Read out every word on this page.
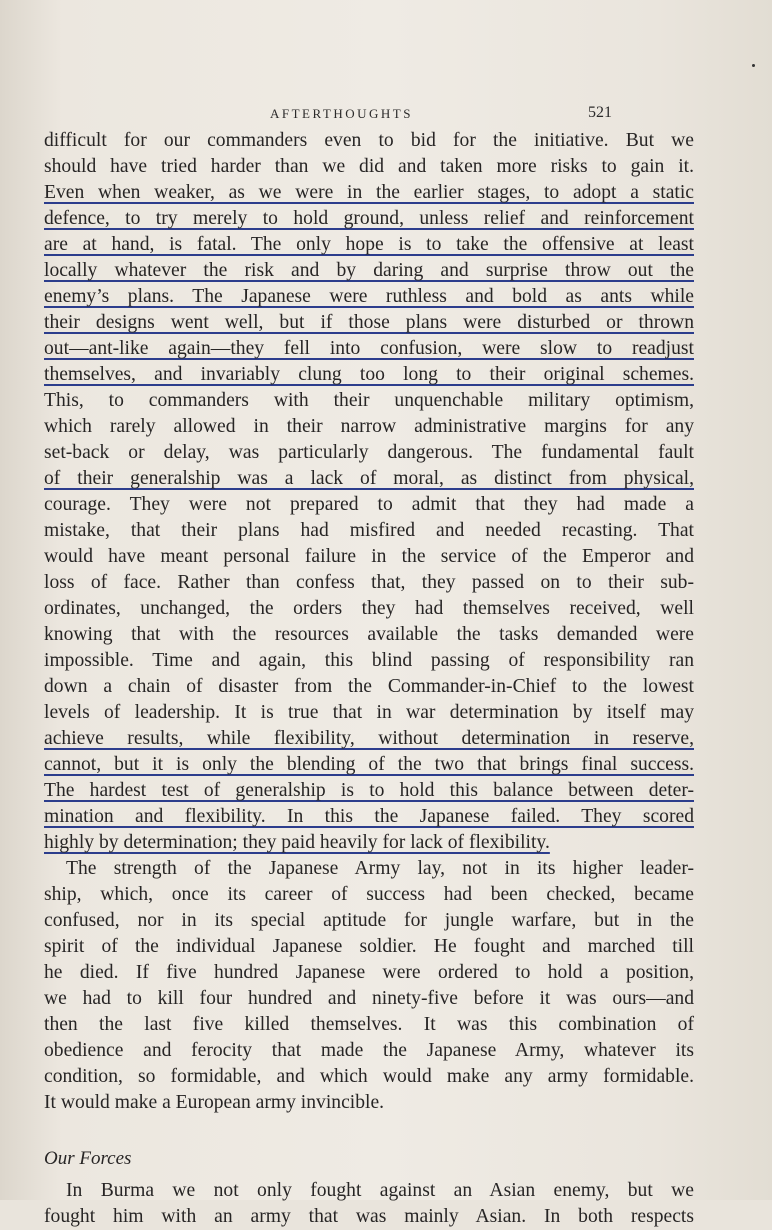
AFTERTHOUGHTS	521
difficult for our commanders even to bid for the initiative. But we
should have tried harder than we did and taken more risks to gain it.
Even when weaker, as we were in the earlier stages, to adopt a static
defence, to try merely to hold ground, unless relief and reinforcement
are at hand, is fatal. The only hope is to take the offensive at least
locally whatever the risk and by daring and surprise throw out the
enemy’s plans. The Japanese were ruthless and bold as ants while
their designs went well, but if those plans were disturbed or thrown
out—ant-like again—they fell into confusion, were slow to readjust
themselves, and invariably clung too long to their original schemes.
This, to commanders with their unquenchable military optimism,
which rarely allowed in their narrow administrative margins for any
set-back or delay, was particularly dangerous. The fundamental fault
of their generalship was a lack of moral, as distinct from physical,
courage. They were not prepared to admit that they had made a
mistake, that their plans had misfired and needed recasting. That
would have meant personal failure in the service of the Emperor and
loss of face. Rather than confess that, they passed on to their sub-
ordinates, unchanged, the orders they had themselves received, well
knowing that with the resources available the tasks demanded were
impossible. Time and again, this blind passing of responsibility ran
down a chain of disaster from the Commander-in-Chief to the lowest
levels of leadership. It is true that in war determination by itself may
achieve results, while flexibility, without determination in reserve,
cannot, but it is only the blending of the two that brings final success.
The hardest test of generalship is to hold this balance between deter-
mination and flexibility. In this the Japanese failed. They scored
highly by determination; they paid heavily for lack of flexibility.
The strength of the Japanese Army lay, not in its higher leader-
ship, which, once its career of success had been checked, became
confused, nor in its special aptitude for jungle warfare, but in the
spirit of the individual Japanese soldier. He fought and marched till
he died. If five hundred Japanese were ordered to hold a position,
we had to kill four hundred and ninety-five before it was ours—and
then the last five killed themselves. It was this combination of
obedience and ferocity that made the Japanese Army, whatever its
condition, so formidable, and which would make any army formidable.
It would make a European army invincible.
Our Forces
In Burma we not only fought against an Asian enemy, but we
fought him with an army that was mainly Asian. In both respects
